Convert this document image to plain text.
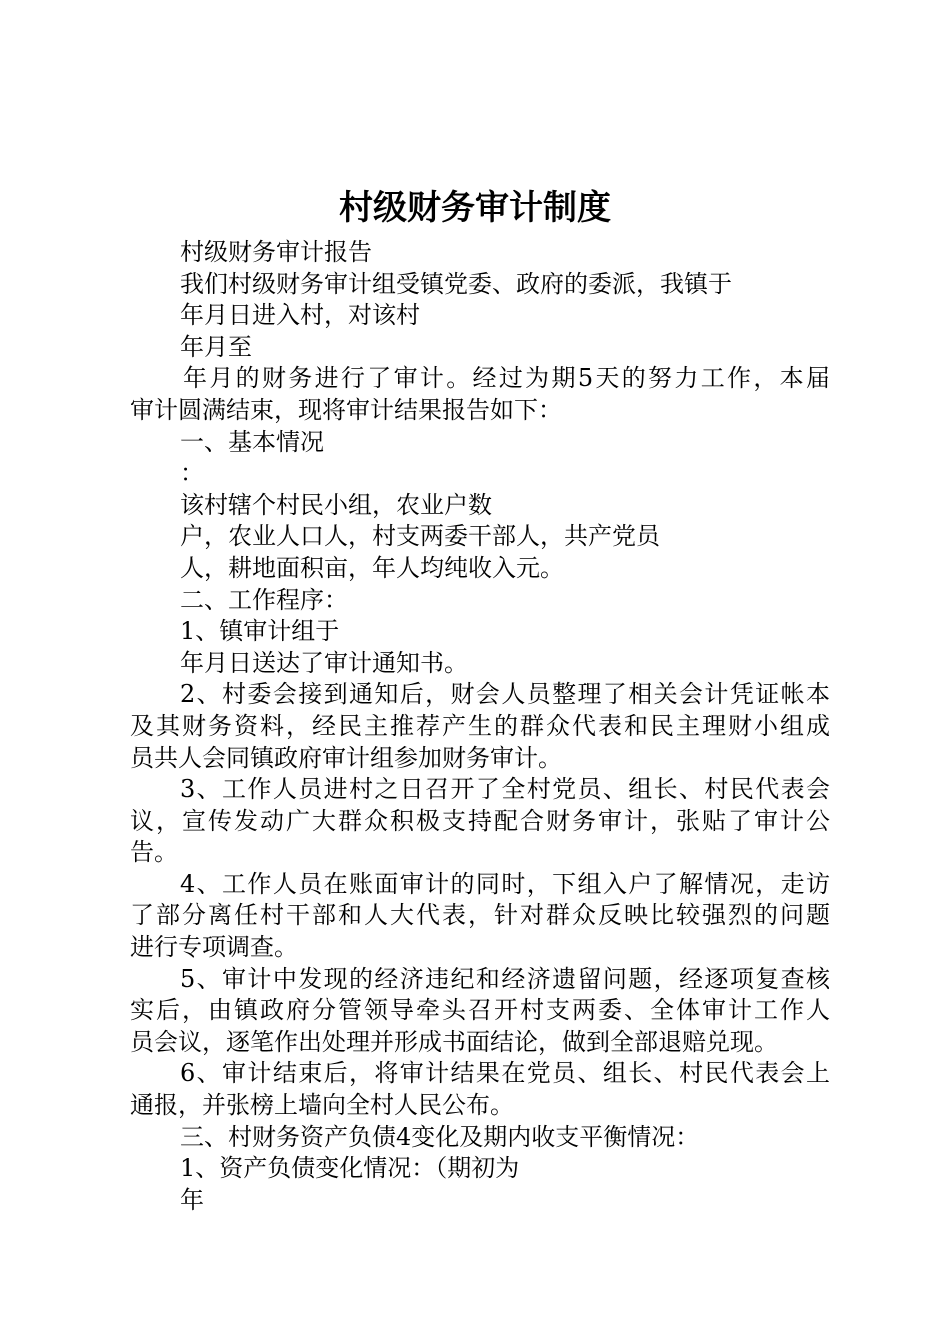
村级财务审计制度

村级财务审计报告

我们村级财务审计组受镇党委、政府的委派，我镇于

年月日进入村，对该村

年月至

年月的财务进行了审计。经过为期5天的努力工作，本届

审计圆满结束，现将审计结果报告如下：

一、基本情况

：

该村辖个村民小组，农业户数

户，农业人口人，村支两委干部人，共产党员

人，耕地面积亩，年人均纯收入元。

二、工作程序：

1、镇审计组于

年月日送达了审计通知书。

2、村委会接到通知后，财会人员整理了相关会计凭证帐本

及其财务资料，经民主推荐产生的群众代表和民主理财小组成

员共人会同镇政府审计组参加财务审计。

3、工作人员进村之日召开了全村党员、组长、村民代表会

议，宣传发动广大群众积极支持配合财务审计，张贴了审计公

告。

4、工作人员在账面审计的同时，下组入户了解情况，走访

了部分离任村干部和人大代表，针对群众反映比较强烈的问题

进行专项调查。

5、审计中发现的经济违纪和经济遗留问题，经逐项复查核

实后，由镇政府分管领导牵头召开村支两委、全体审计工作人

员会议，逐笔作出处理并形成书面结论，做到全部退赔兑现。

6、审计结束后，将审计结果在党员、组长、村民代表会上

通报，并张榜上墙向全村人民公布。

三、村财务资产负债4变化及期内收支平衡情况：

1、资产负债变化情况：（期初为

年
